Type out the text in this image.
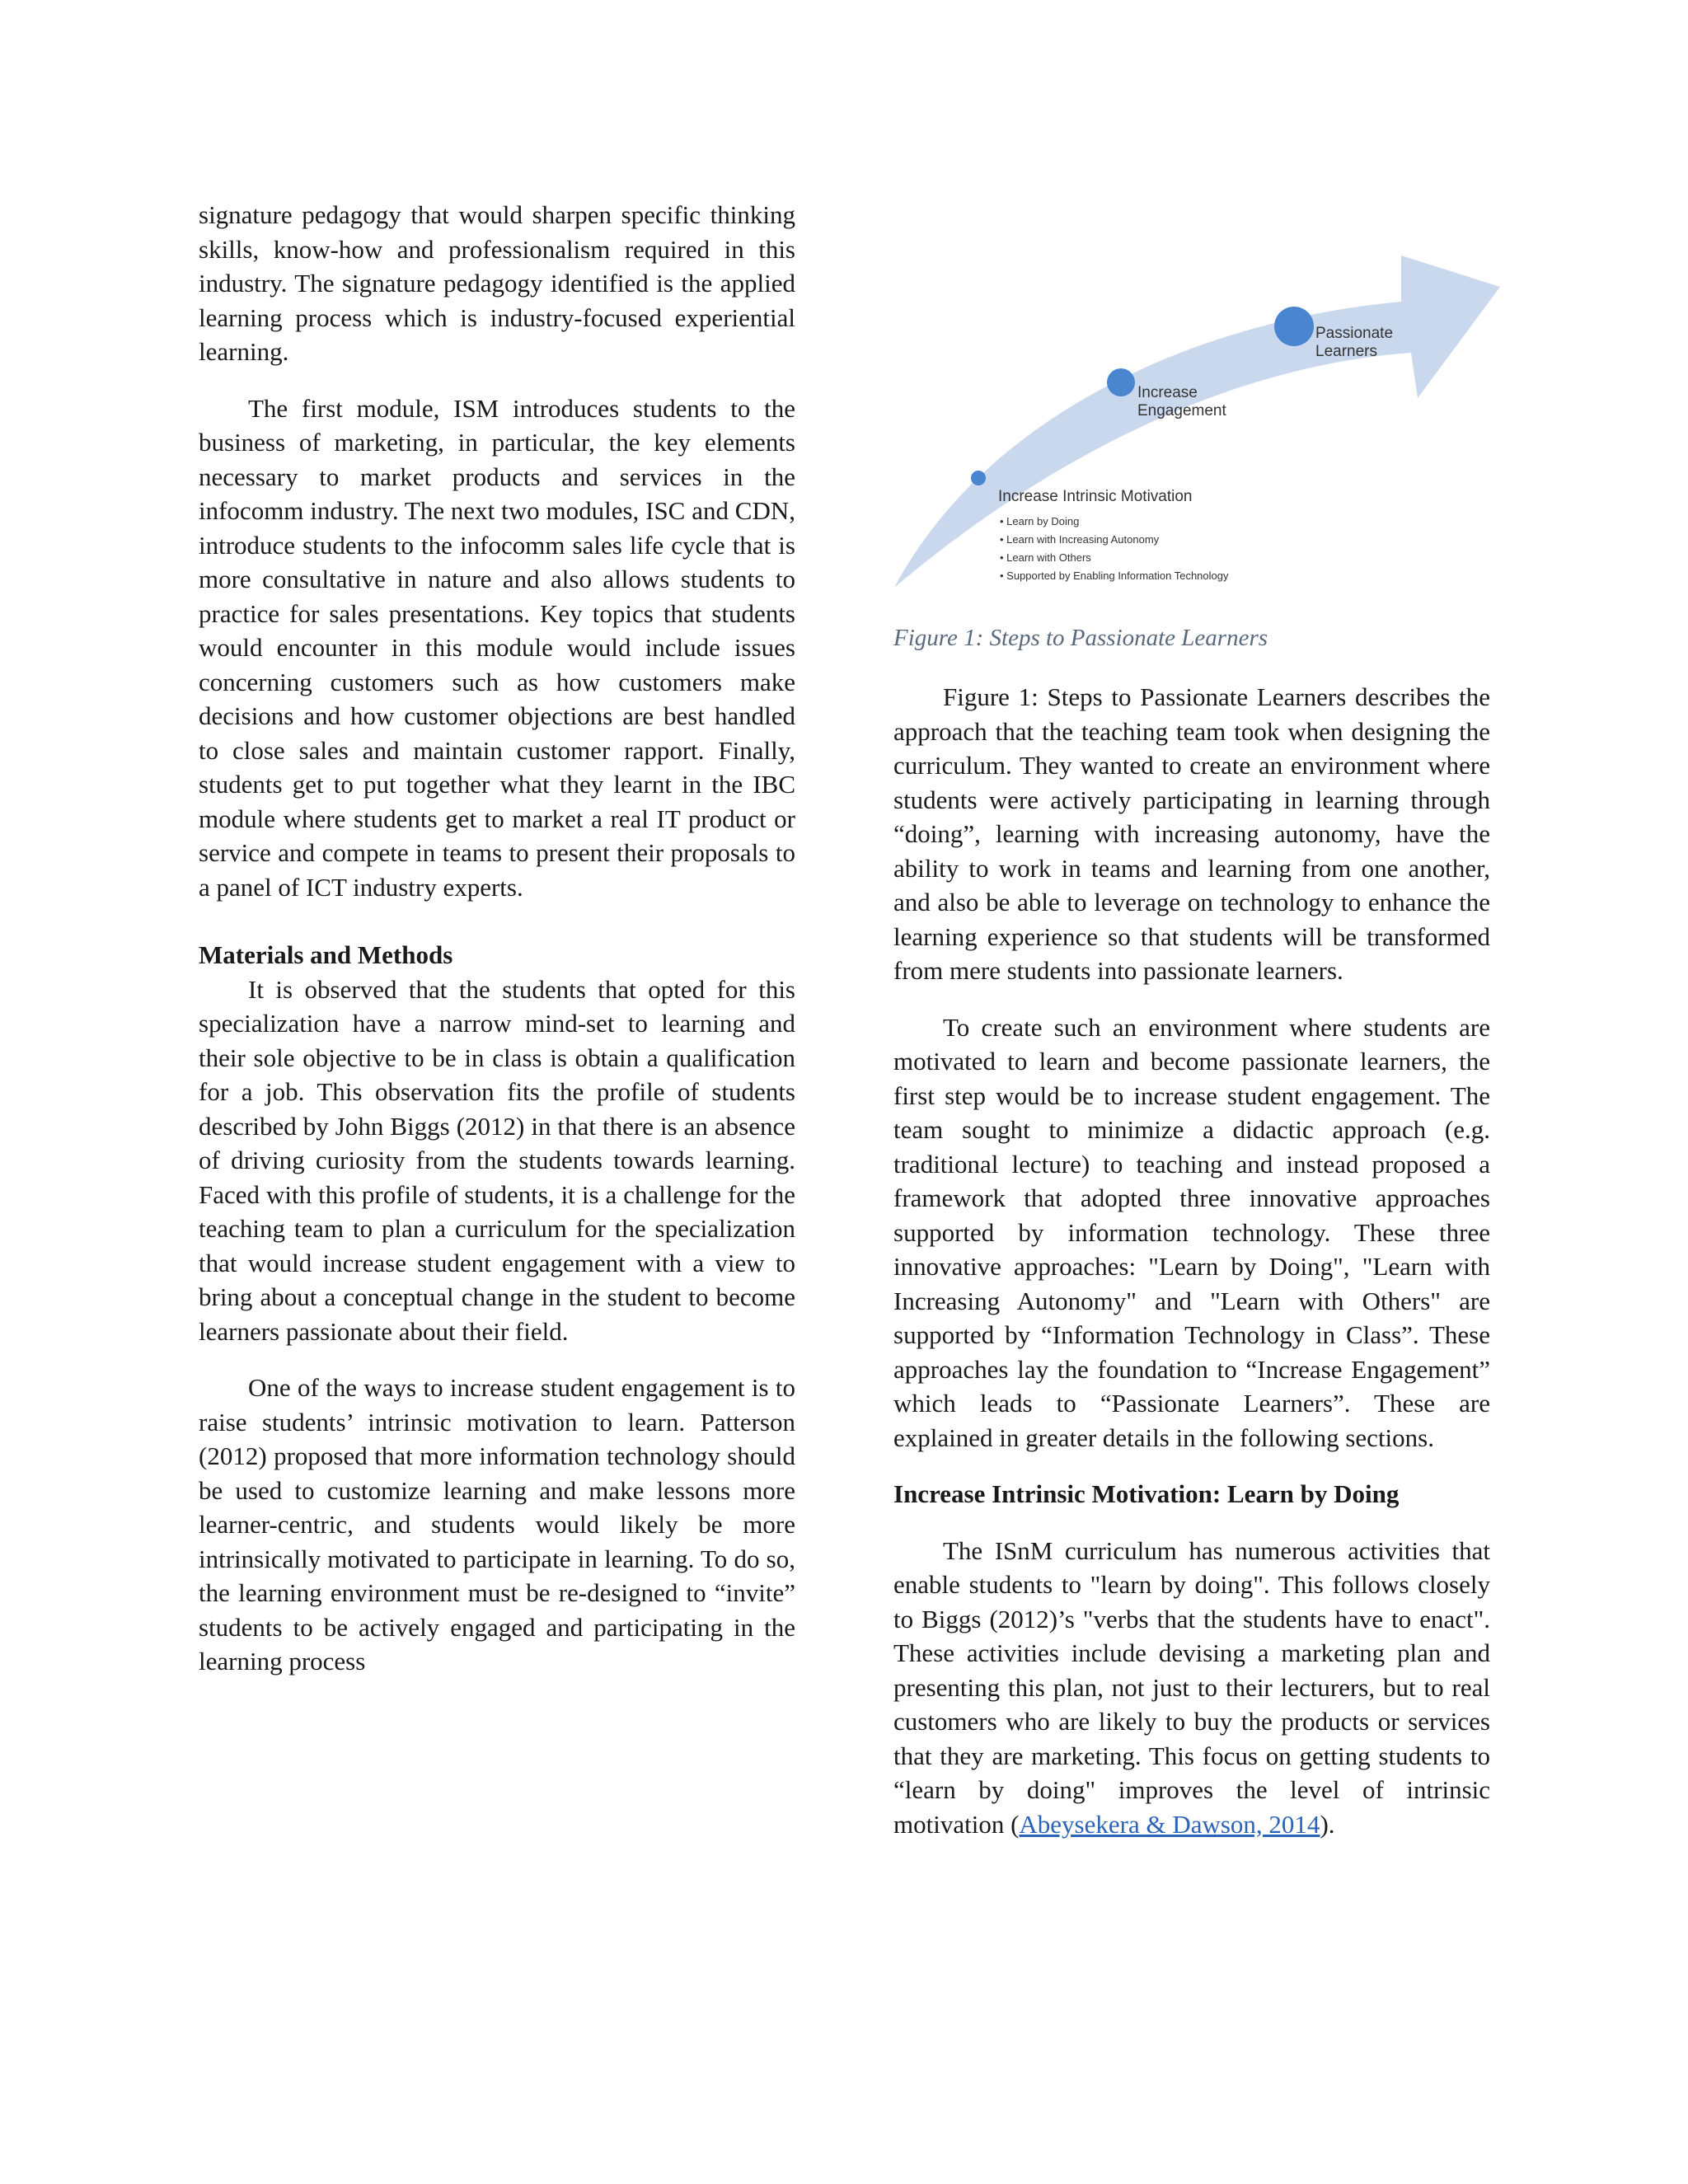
signature pedagogy that would sharpen specific thinking skills, know-how and professionalism required in this industry. The signature pedagogy identified is the applied learning process which is industry-focused experiential learning.

The first module, ISM introduces students to the business of marketing, in particular, the key elements necessary to market products and services in the infocomm industry. The next two modules, ISC and CDN, introduce students to the infocomm sales life cycle that is more consultative in nature and also allows students to practice for sales presentations. Key topics that students would encounter in this module would include issues concerning customers such as how customers make decisions and how customer objections are best handled to close sales and maintain customer rapport. Finally, students get to put together what they learnt in the IBC module where students get to market a real IT product or service and compete in teams to present their proposals to a panel of ICT industry experts.

Materials and Methods

It is observed that the students that opted for this specialization have a narrow mind-set to learning and their sole objective to be in class is obtain a qualification for a job. This observation fits the profile of students described by John Biggs (2012) in that there is an absence of driving curiosity from the students towards learning. Faced with this profile of students, it is a challenge for the teaching team to plan a curriculum for the specialization that would increase student engagement with a view to bring about a conceptual change in the student to become learners passionate about their field.

One of the ways to increase student engagement is to raise students’ intrinsic motivation to learn. Patterson (2012) proposed that more information technology should be used to customize learning and make lessons more learner-centric, and students would likely be more intrinsically motivated to participate in learning. To do so, the learning environment must be re-designed to “invite” students to be actively engaged and participating in the learning process

Passionate
Learners
Increase
Engagement
Increase Intrinsic Motivation
• Learn by Doing
• Learn with Increasing Autonomy
• Learn with Others
• Supported by Enabling Information Technology
Figure 1: Steps to Passionate Learners

Figure 1: Steps to Passionate Learners describes the approach that the teaching team took when designing the curriculum. They wanted to create an environment where students were actively participating in learning through “doing”, learning with increasing autonomy, have the ability to work in teams and learning from one another, and also be able to leverage on technology to enhance the learning experience so that students will be transformed from mere students into passionate learners.

To create such an environment where students are motivated to learn and become passionate learners, the first step would be to increase student engagement. The team sought to minimize a didactic approach (e.g. traditional lecture) to teaching and instead proposed a framework that adopted three innovative approaches supported by information technology. These three innovative approaches: "Learn by Doing", "Learn with Increasing Autonomy" and "Learn with Others" are supported by “Information Technology in Class”. These approaches lay the foundation to “Increase Engagement” which leads to “Passionate Learners”. These are explained in greater details in the following sections.

Increase Intrinsic Motivation: Learn by Doing

The ISnM curriculum has numerous activities that enable students to "learn by doing". This follows closely to Biggs (2012)’s "verbs that the students have to enact". These activities include devising a marketing plan and presenting this plan, not just to their lecturers, but to real customers who are likely to buy the products or services that they are marketing. This focus on getting students to “learn by doing" improves the level of intrinsic motivation (Abeysekera & Dawson, 2014).
